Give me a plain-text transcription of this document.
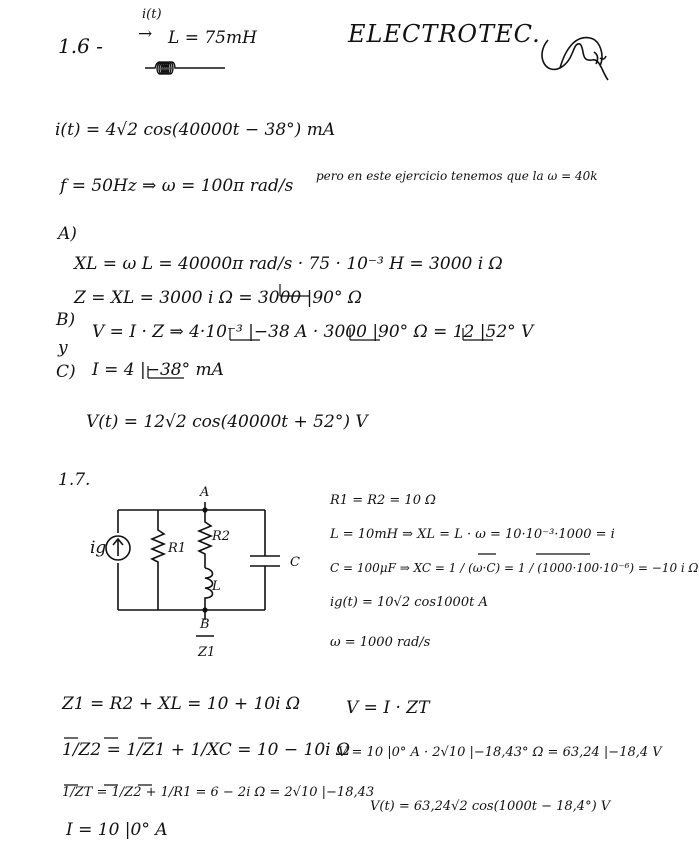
1.6 -
i(t)
→ L = 75mH	ELECTROTEC.
i(t) = 4√2 cos(40000t − 38°) mA
f = 50Hz ⇒ ω = 100π rad/s pero en este ejercicio tenemos que la ω = 40k
A)
XL = ω L = 40000π rad/s · 75 · 10⁻³ H = 3000 i Ω
Z = XL = 3000 i Ω = 3000 |90° Ω
B)
y
V = I · Z ⇒ 4·10⁻³ |−38 A · 3000 |90° Ω = 12 |52° V
C) I = 4 |−38° mA
V(t) = 12√2 cos(40000t + 52°) V
1.7.
A
B
ig	R1
R2
L
C
Z1
R1 = R2 = 10 Ω
L = 10mH ⇒ XL = L · ω = 10·10⁻³·1000 = i
C = 100μF ⇒ XC = 1 / (ω·C) = 1 / (1000·100·10⁻⁶) = −10 i Ω
ig(t) = 10√2 cos1000t A
ω = 1000 rad/s
Z1 = R2 + XL = 10 + 10i Ω
1/Z2 = 1/Z1 + 1/XC = 10 − 10i Ω
1/ZT = 1/Z2 + 1/R1 = 6 − 2i Ω = 2√10 |−18,43
I = 10 |0° A
V = I · ZT
V = 10 |0° A · 2√10 |−18,43° Ω = 63,24 |−18,4 V
V(t) = 63,24√2 cos(1000t − 18,4°) V
